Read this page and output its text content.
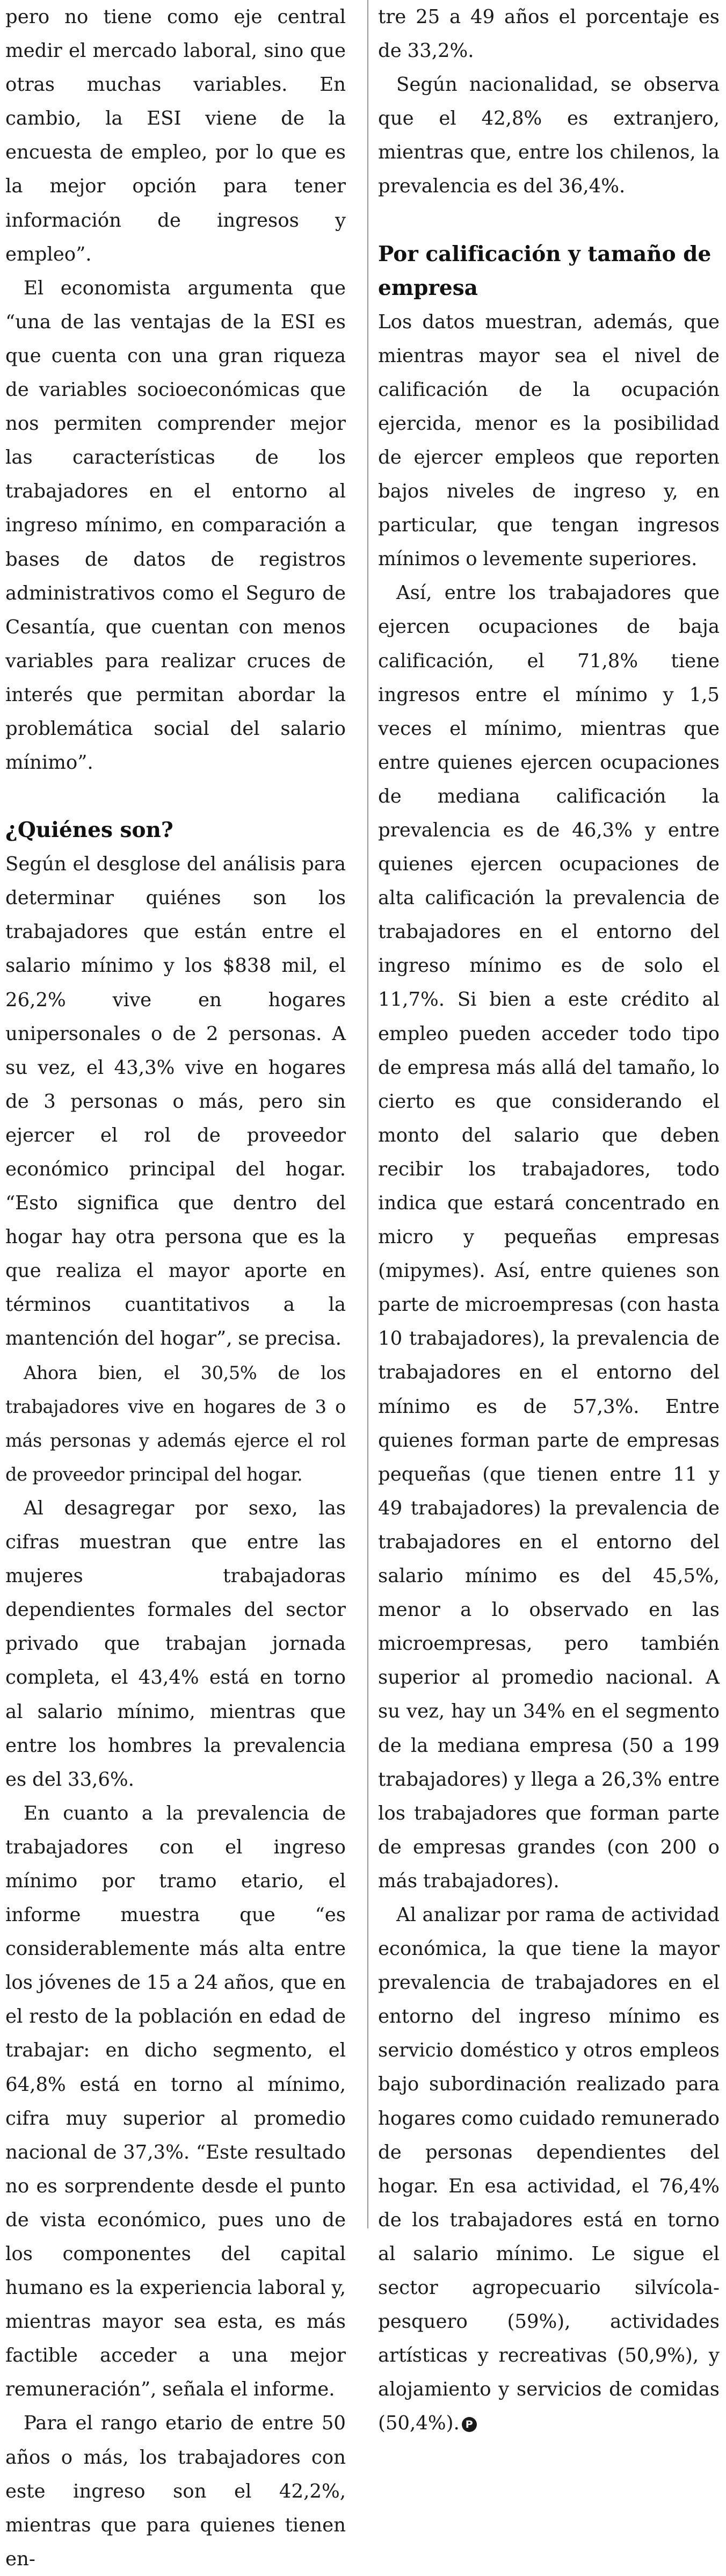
pero no tiene como eje central medir el mercado laboral, sino que otras muchas variables. En cambio, la ESI viene de la encuesta de empleo, por lo que es la mejor opción para tener información de ingresos y empleo”.

El economista argumenta que “una de las ventajas de la ESI es que cuenta con una gran riqueza de variables socioeconómicas que nos permiten comprender mejor las características de los trabajadores en el entorno al ingreso mínimo, en comparación a bases de datos de registros administrativos como el Seguro de Cesantía, que cuentan con menos variables para realizar cruces de interés que permitan abordar la problemática social del salario mínimo”.

¿Quiénes son?

Según el desglose del análisis para determinar quiénes son los trabajadores que están entre el salario mínimo y los $838 mil, el 26,2% vive en hogares unipersonales o de 2 personas. A su vez, el 43,3% vive en hogares de 3 personas o más, pero sin ejercer el rol de proveedor económico principal del hogar. “Esto significa que dentro del hogar hay otra persona que es la que realiza el mayor aporte en términos cuantitativos a la mantención del hogar”, se precisa.

Ahora bien, el 30,5% de los trabajadores vive en hogares de 3 o más personas y además ejerce el rol de proveedor principal del hogar.

Al desagregar por sexo, las cifras muestran que entre las mujeres trabajadoras dependientes formales del sector privado que trabajan jornada completa, el 43,4% está en torno al salario mínimo, mientras que entre los hombres la prevalencia es del 33,6%.

En cuanto a la prevalencia de trabajadores con el ingreso mínimo por tramo etario, el informe muestra que “es considerablemente más alta entre los jóvenes de 15 a 24 años, que en el resto de la población en edad de trabajar: en dicho segmento, el 64,8% está en torno al mínimo, cifra muy superior al promedio nacional de 37,3%. “Este resultado no es sorprendente desde el punto de vista económico, pues uno de los componentes del capital humano es la experiencia laboral y, mientras mayor sea esta, es más factible acceder a una mejor remuneración”, señala el informe.

Para el rango etario de entre 50 años o más, los trabajadores con este ingreso son el 42,2%, mientras que para quienes tienen en-

tre 25 a 49 años el porcentaje es de 33,2%.

Según nacionalidad, se observa que el 42,8% es extranjero, mientras que, entre los chilenos, la prevalencia es del 36,4%.

Por calificación y tamaño de empresa

Los datos muestran, además, que mientras mayor sea el nivel de calificación de la ocupación ejercida, menor es la posibilidad de ejercer empleos que reporten bajos niveles de ingreso y, en particular, que tengan ingresos mínimos o levemente superiores.

Así, entre los trabajadores que ejercen ocupaciones de baja calificación, el 71,8% tiene ingresos entre el mínimo y 1,5 veces el mínimo, mientras que entre quienes ejercen ocupaciones de mediana calificación la prevalencia es de 46,3% y entre quienes ejercen ocupaciones de alta calificación la prevalencia de trabajadores en el entorno del ingreso mínimo es de solo el 11,7%. Si bien a este crédito al empleo pueden acceder todo tipo de empresa más allá del tamaño, lo cierto es que considerando el monto del salario que deben recibir los trabajadores, todo indica que estará concentrado en micro y pequeñas empresas (mipymes). Así, entre quienes son parte de microempresas (con hasta 10 trabajadores), la prevalencia de trabajadores en el entorno del mínimo es de 57,3%. Entre quienes forman parte de empresas pequeñas (que tienen entre 11 y 49 trabajadores) la prevalencia de trabajadores en el entorno del salario mínimo es del 45,5%, menor a lo observado en las microempresas, pero también superior al promedio nacional. A su vez, hay un 34% en el segmento de la mediana empresa (50 a 199 trabajadores) y llega a 26,3% entre los trabajadores que forman parte de empresas grandes (con 200 o más trabajadores).

Al analizar por rama de actividad económica, la que tiene la mayor prevalencia de trabajadores en el entorno del ingreso mínimo es servicio doméstico y otros empleos bajo subordinación realizado para hogares como cuidado remunerado de personas dependientes del hogar. En esa actividad, el 76,4% de los trabajadores está en torno al salario mínimo. Le sigue el sector agropecuario silvícola- pesquero (59%), actividades artísticas y recreativas (50,9%), y alojamiento y servicios de comidas (50,4%). P
